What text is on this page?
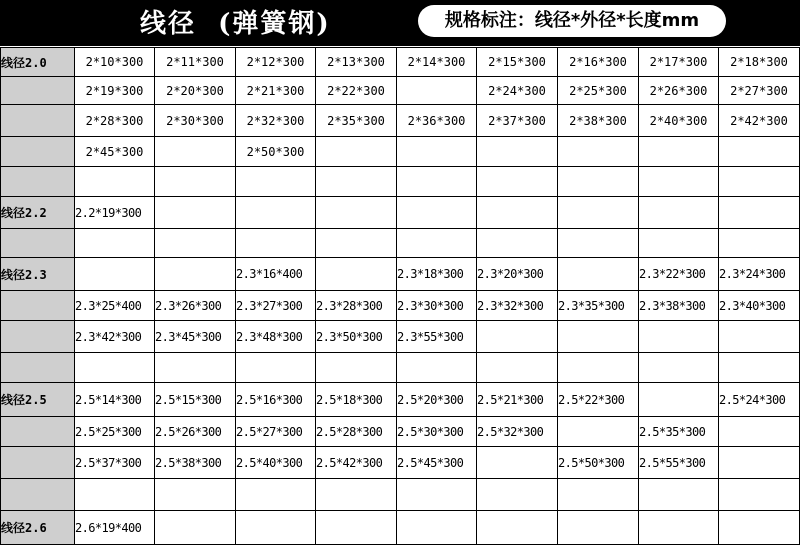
线径  (弹簧钢)	规格标注：线径*外径*长度mm
线径2.0	2*10*300	2*11*300	2*12*300	2*13*300	2*14*300	2*15*300	2*16*300	2*17*300	2*18*300
	2*19*300	2*20*300	2*21*300	2*22*300		2*24*300	2*25*300	2*26*300	2*27*300
	2*28*300	2*30*300	2*32*300	2*35*300	2*36*300	2*37*300	2*38*300	2*40*300	2*42*300
	2*45*300		2*50*300						

线径2.2	2.2*19*300								

线径2.3			2.3*16*400		2.3*18*300	2.3*20*300		2.3*22*300	2.3*24*300
	2.3*25*400	2.3*26*300	2.3*27*300	2.3*28*300	2.3*30*300	2.3*32*300	2.3*35*300	2.3*38*300	2.3*40*300
	2.3*42*300	2.3*45*300	2.3*48*300	2.3*50*300	2.3*55*300				

线径2.5	2.5*14*300	2.5*15*300	2.5*16*300	2.5*18*300	2.5*20*300	2.5*21*300	2.5*22*300		2.5*24*300
	2.5*25*300	2.5*26*300	2.5*27*300	2.5*28*300	2.5*30*300	2.5*32*300		2.5*35*300	
	2.5*37*300	2.5*38*300	2.5*40*300	2.5*42*300	2.5*45*300		2.5*50*300	2.5*55*300	

线径2.6	2.6*19*400								
